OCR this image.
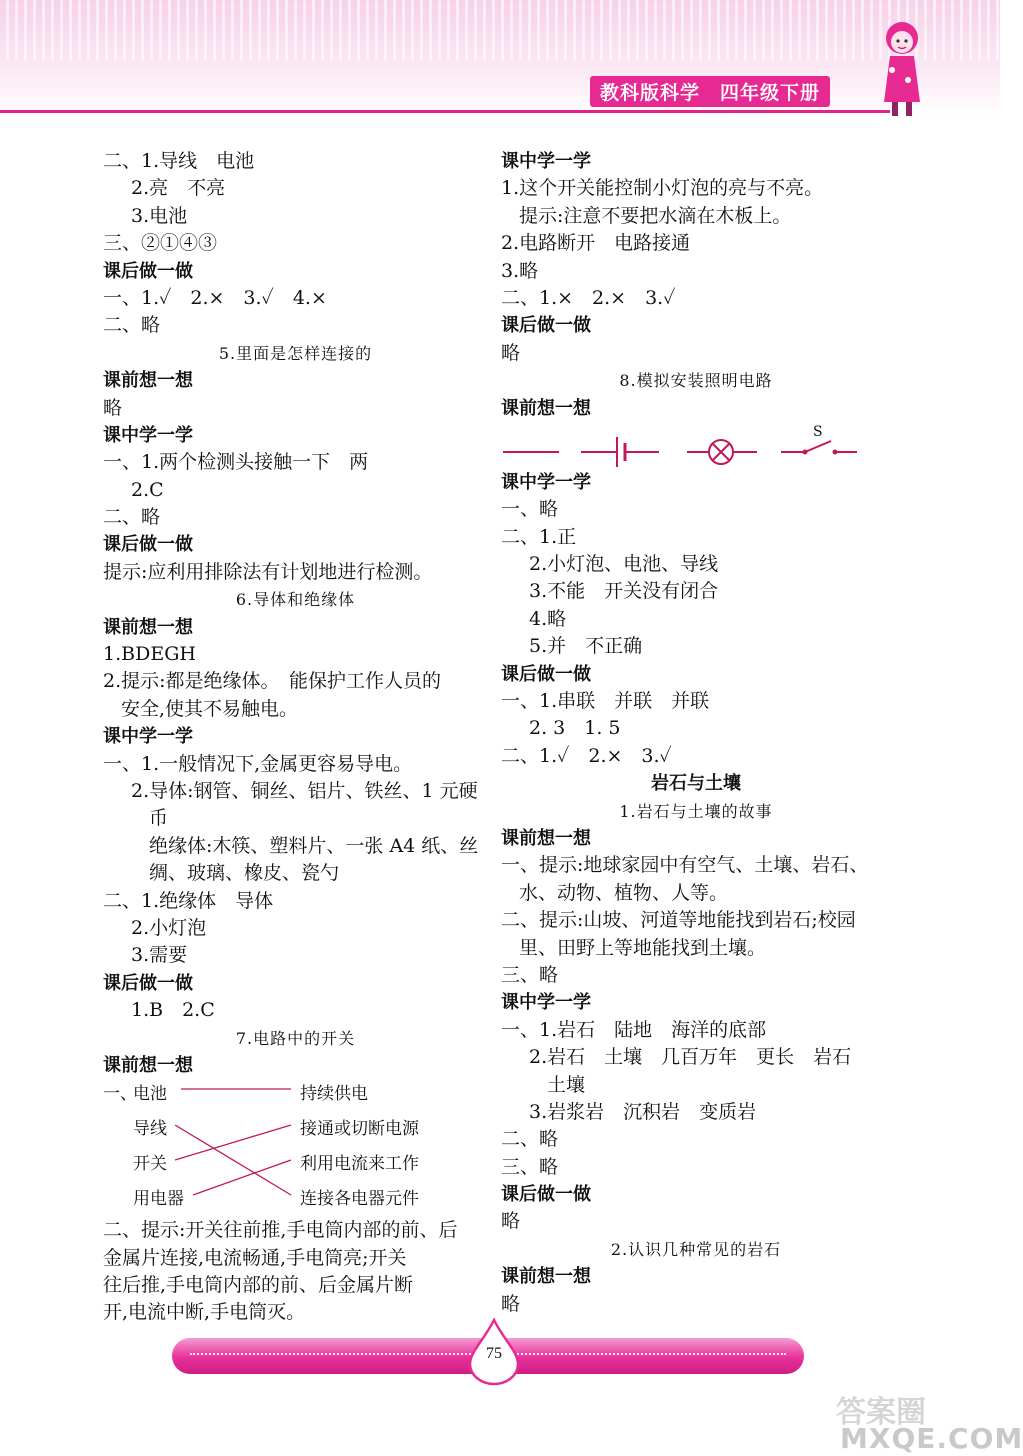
教科版科学　四年级下册
二、1.导线　电池
2.亮　不亮
3.电池
三、②①④③
课后做一做
一、1.✓　2.×　3.✓　4.×
二、略
5.里面是怎样连接的
课前想一想
略
课中学一学
一、1.两个检测头接触一下　两
2.C
二、略
课后做一做
提示:应利用排除法有计划地进行检测。
6.导体和绝缘体
课前想一想
1.BDEGH
2.提示:都是绝缘体。　能保护工作人员的
安全,使其不易触电。
课中学一学
一、1.一般情况下,金属更容易导电。
2.导体:钢管、铜丝、铝片、铁丝、1 元硬
币
绝缘体:木筷、塑料片、一张 A4 纸、丝
绸、玻璃、橡皮、瓷勺
二、1.绝缘体　导体
2.小灯泡
3.需要
课后做一做
1.B　2.C
7.电路中的开关
课前想一想
一、
电池
导线
开关
用电器
持续供电
接通或切断电源
利用电流来工作
连接各电器元件
二、提示:开关往前推,手电筒内部的前、后
金属片连接,电流畅通,手电筒亮;开关
往后推,手电筒内部的前、后金属片断
开,电流中断,手电筒灭。
课中学一学
1.这个开关能控制小灯泡的亮与不亮。
提示:注意不要把水滴在木板上。
2.电路断开　电路接通
3.略
二、1.×　2.×　3.✓
课后做一做
略
8.模拟安装照明电路
课前想一想
S
课中学一学
一、略
二、1.正
2.小灯泡、电池、导线
3.不能　开关没有闭合
4.略
5.并　不正确
课后做一做
一、1.串联　并联　并联
2. 3　1. 5
二、1.✓　2.×　3.✓
岩石与土壤
1.岩石与土壤的故事
课前想一想
一、提示:地球家园中有空气、土壤、岩石、
水、动物、植物、人等。
二、提示:山坡、河道等地能找到岩石;校园
里、田野上等地能找到土壤。
三、略
课中学一学
一、1.岩石　陆地　海洋的底部
2.岩石　土壤　几百万年　更长　岩石
土壤
3.岩浆岩　沉积岩　变质岩
二、略
三、略
课后做一做
略
2.认识几种常见的岩石
课前想一想
略
75
答案圈
MXQE.COM
